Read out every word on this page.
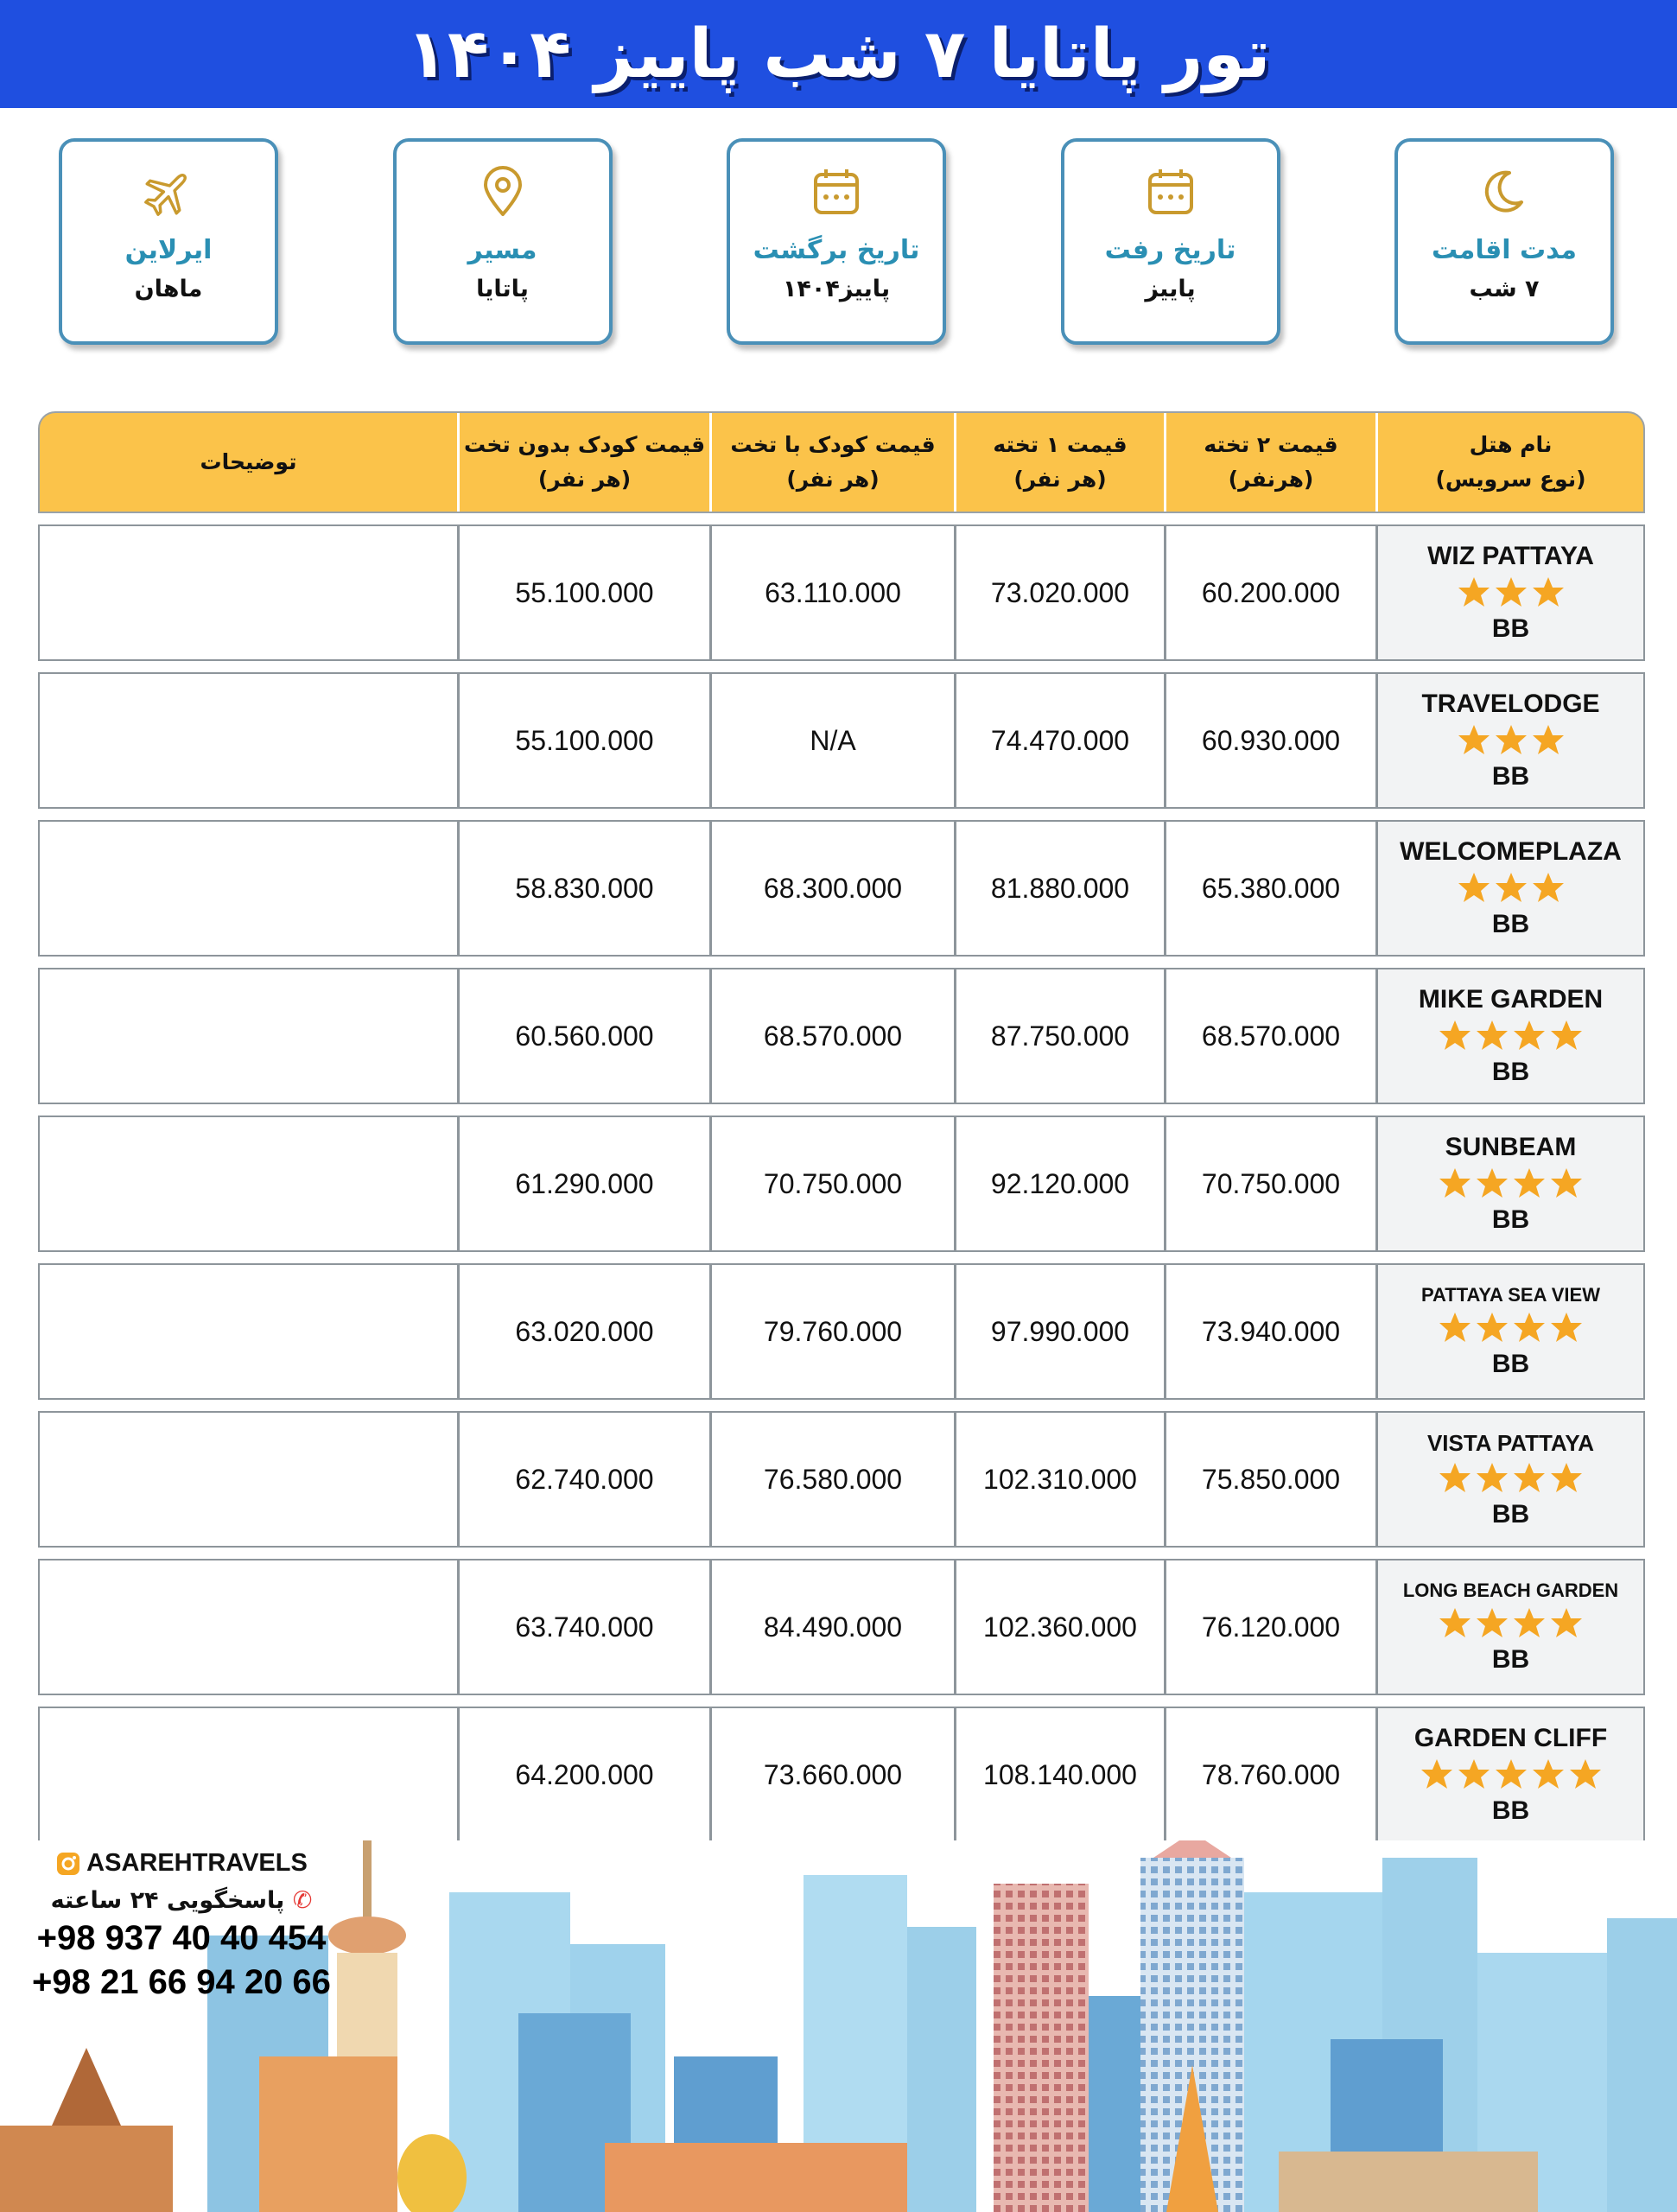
تور پاتایا ۷ شب پاییز ۱۴۰۴
مدت اقامت
۷ شب
تاریخ رفت
پاییز
تاریخ برگشت
پاییز۱۴۰۴
مسیر
پاتایا
ایرلاین
ماهان
نام هتل
(نوع سرویس)
قیمت ۲ تخته
(هرنفر)
قیمت ۱ تخته
(هر نفر)
قیمت کودک با تخت
(هر نفر)
قیمت کودک بدون تخت
(هر نفر)
توضیحات
WIZ PATTAYA
BB
60.200.000
73.020.000
63.110.000
55.100.000
TRAVELODGE
BB
60.930.000
74.470.000
N/A
55.100.000
WELCOMEPLAZA
BB
65.380.000
81.880.000
68.300.000
58.830.000
MIKE GARDEN
BB
68.570.000
87.750.000
68.570.000
60.560.000
SUNBEAM
BB
70.750.000
92.120.000
70.750.000
61.290.000
PATTAYA SEA VIEW
BB
73.940.000
97.990.000
79.760.000
63.020.000
VISTA PATTAYA
BB
75.850.000
102.310.000
76.580.000
62.740.000
LONG BEACH GARDEN
BB
76.120.000
102.360.000
84.490.000
63.740.000
GARDEN CLIFF
BB
78.760.000
108.140.000
73.660.000
64.200.000
ASAREHTRAVELS
✆ پاسخگویی ۲۴ ساعته
+98 937 40 40 454
+98 21 66 94 20 66
